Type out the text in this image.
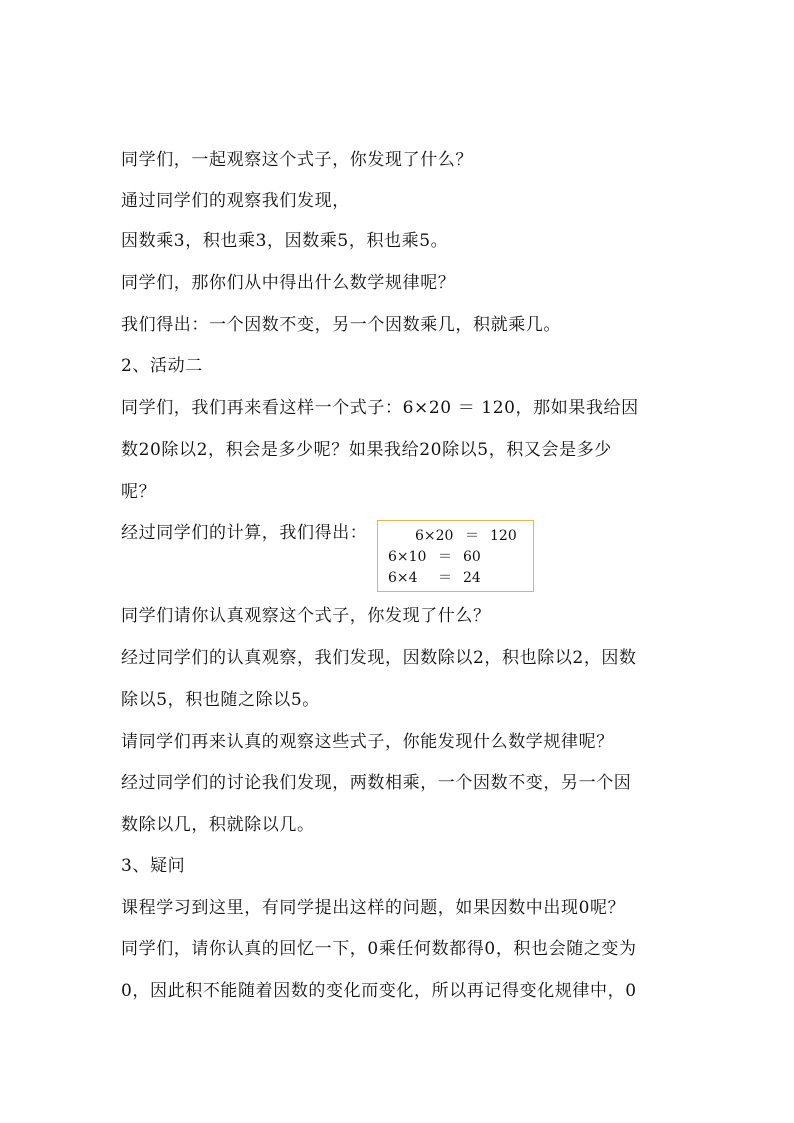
同学们，一起观察这个式子，你发现了什么？
通过同学们的观察我们发现，
因数乘3，积也乘3，因数乘5，积也乘5。
同学们，那你们从中得出什么数学规律呢？
我们得出：一个因数不变，另一个因数乘几，积就乘几。
2、活动二
同学们，我们再来看这样一个式子：6×20 ＝ 120，那如果我给因
数20除以2，积会是多少呢？如果我给20除以5，积又会是多少
呢？
经过同学们的计算，我们得出：	6×20 ＝ 120
6×10 ＝ 60
6×4 ＝ 24
同学们请你认真观察这个式子，你发现了什么？
经过同学们的认真观察，我们发现，因数除以2，积也除以2，因数
除以5，积也随之除以5。
请同学们再来认真的观察这些式子，你能发现什么数学规律呢？
经过同学们的讨论我们发现，两数相乘，一个因数不变，另一个因
数除以几，积就除以几。
3、疑问
课程学习到这里，有同学提出这样的问题，如果因数中出现0呢？
同学们，请你认真的回忆一下，0乘任何数都得0，积也会随之变为
0，因此积不能随着因数的变化而变化，所以再记得变化规律中，0
